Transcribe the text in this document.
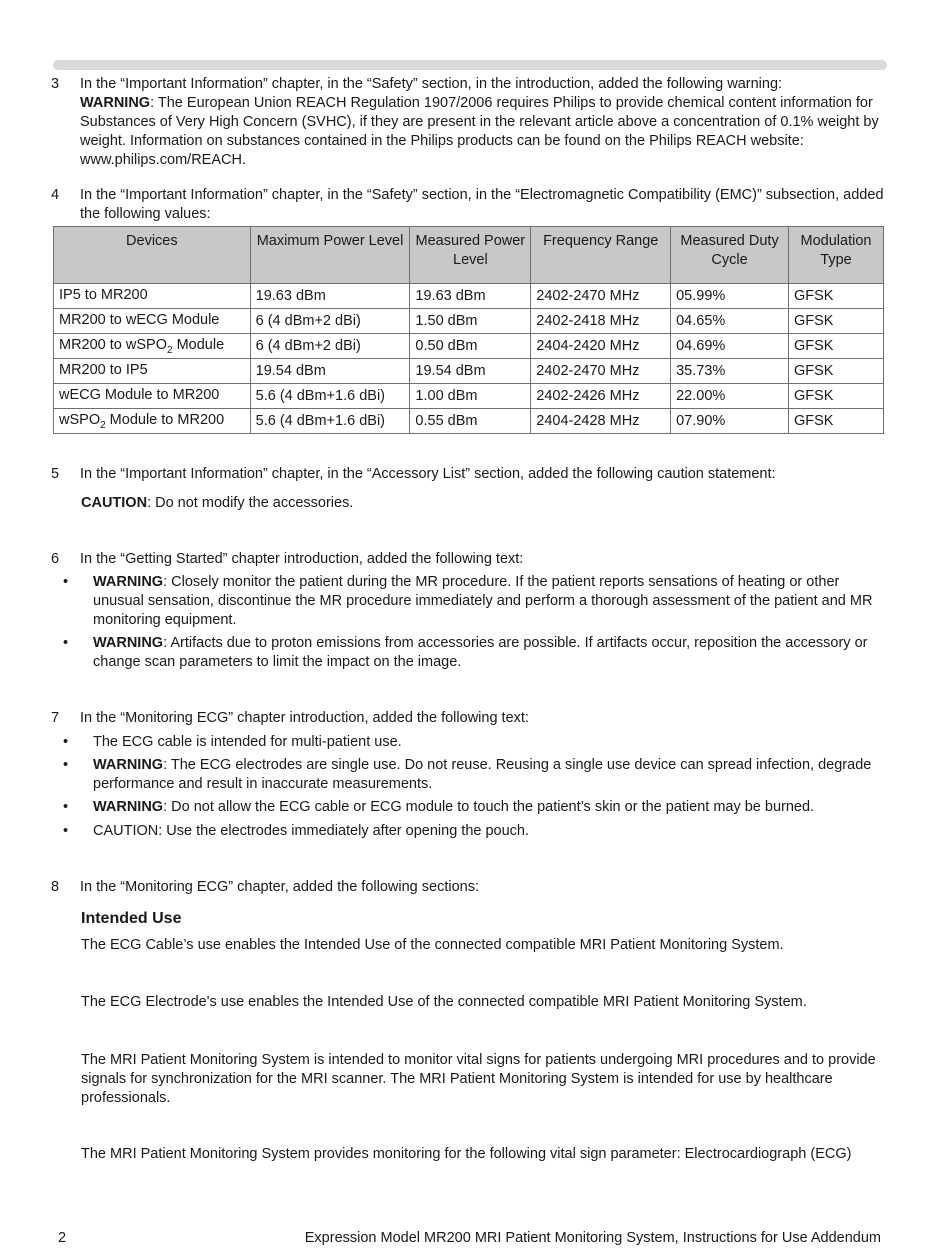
3 In the “Important Information” chapter, in the “Safety” section, in the introduction, added the following warning:
WARNING: The European Union REACH Regulation 1907/2006 requires Philips to provide chemical content information for Substances of Very High Concern (SVHC), if they are present in the relevant article above a concentration of 0.1% weight by weight. Information on substances contained in the Philips products can be found on the Philips REACH website: www.philips.com/REACH.
4 In the “Important Information” chapter, in the “Safety” section, in the “Electromagnetic Compatibility (EMC)” subsection, added the following values:
Devices	Maximum Power Level	Measured Power Level	Frequency Range	Measured Duty Cycle	Modulation Type
IP5 to MR200	19.63 dBm	19.63 dBm	2402-2470 MHz	05.99%	GFSK
MR200 to wECG Module	6 (4 dBm+2 dBi)	1.50 dBm	2402-2418 MHz	04.65%	GFSK
MR200 to wSPO$_2$ Module	6 (4 dBm+2 dBi)	0.50 dBm	2404-2420 MHz	04.69%	GFSK
MR200 to IP5	19.54 dBm	19.54 dBm	2402-2470 MHz	35.73%	GFSK
wECG Module to MR200	5.6 (4 dBm+1.6 dBi)	1.00 dBm	2402-2426 MHz	22.00%	GFSK
wSPO$_2$ Module to MR200	5.6 (4 dBm+1.6 dBi)	0.55 dBm	2404-2428 MHz	07.90%	GFSK
5 In the “Important Information” chapter, in the “Accessory List” section, added the following caution statement:
CAUTION: Do not modify the accessories.
6 In the “Getting Started” chapter introduction, added the following text:
• WARNING: Closely monitor the patient during the MR procedure. If the patient reports sensations of heating or other unusual sensation, discontinue the MR procedure immediately and perform a thorough assessment of the patient and MR monitoring equipment.
• WARNING: Artifacts due to proton emissions from accessories are possible. If artifacts occur, reposition the accessory or change scan parameters to limit the impact on the image.
7 In the “Monitoring ECG” chapter introduction, added the following text:
• The ECG cable is intended for multi-patient use.
• WARNING: The ECG electrodes are single use. Do not reuse. Reusing a single use device can spread infection, degrade performance and result in inaccurate measurements.
• WARNING: Do not allow the ECG cable or ECG module to touch the patient’s skin or the patient may be burned.
• CAUTION: Use the electrodes immediately after opening the pouch.
8 In the “Monitoring ECG” chapter, added the following sections:
Intended Use
The ECG Cable’s use enables the Intended Use of the connected compatible MRI Patient Monitoring System.
The ECG Electrode's use enables the Intended Use of the connected compatible MRI Patient Monitoring System.
The MRI Patient Monitoring System is intended to monitor vital signs for patients undergoing MRI procedures and to provide signals for synchronization for the MRI scanner. The MRI Patient Monitoring System is intended for use by healthcare professionals.
The MRI Patient Monitoring System provides monitoring for the following vital sign parameter: Electrocardiograph (ECG)
2	Expression Model MR200 MRI Patient Monitoring System, Instructions for Use Addendum
